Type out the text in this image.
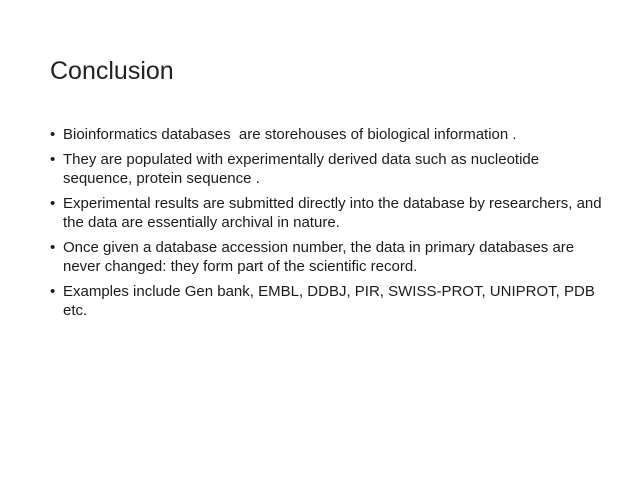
Conclusion
• Bioinformatics databases  are storehouses of biological information .
• They are populated with experimentally derived data such as nucleotide sequence, protein sequence .
• Experimental results are submitted directly into the database by researchers, and the data are essentially archival in nature.
• Once given a database accession number, the data in primary databases are never changed: they form part of the scientific record.
• Examples include Gen bank, EMBL, DDBJ, PIR, SWISS-PROT, UNIPROT, PDB etc.
